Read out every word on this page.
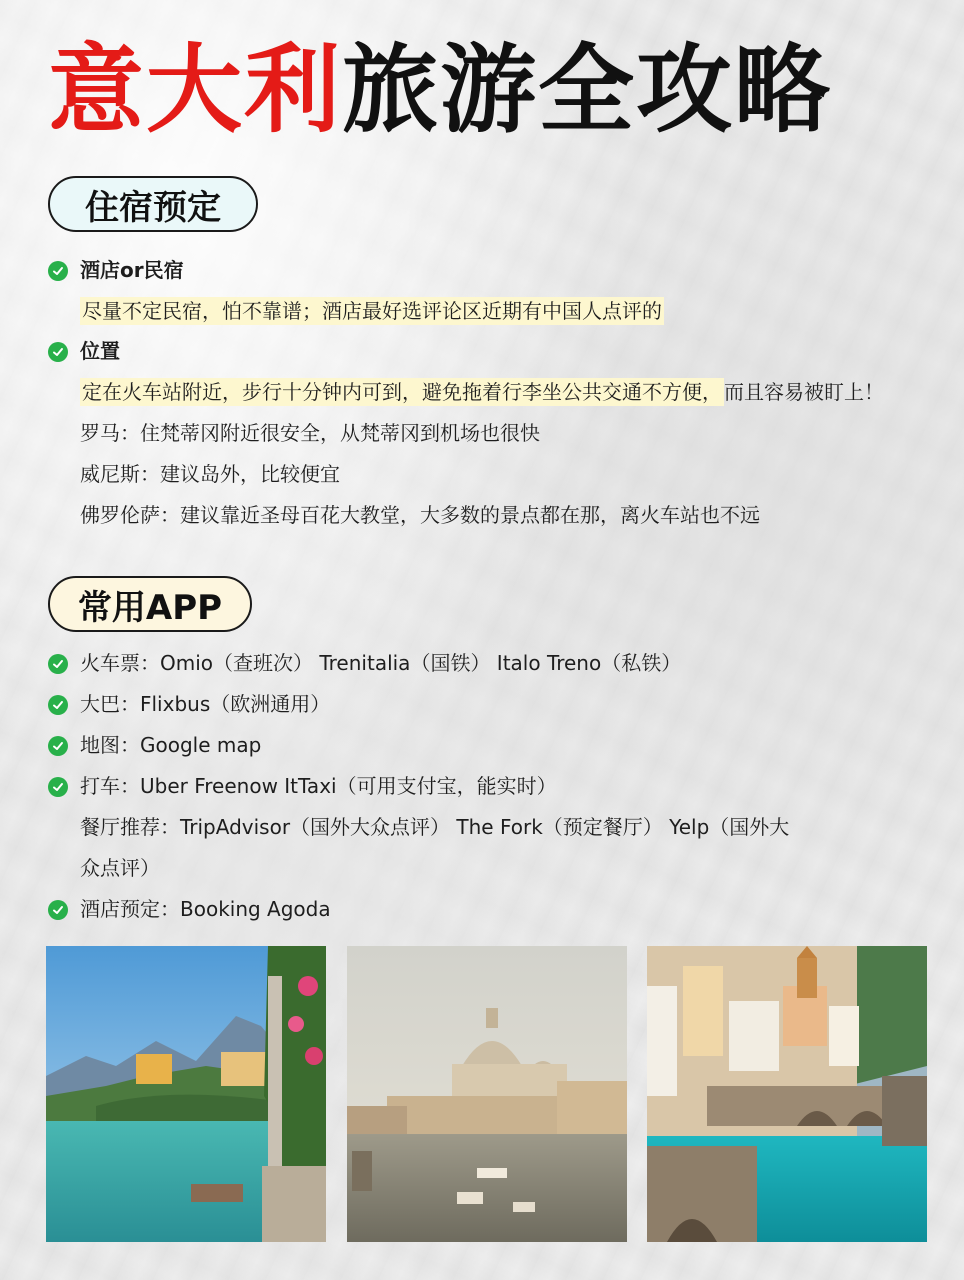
意大利旅游全攻略
住宿预定
酒店or民宿
尽量不定民宿，怕不靠谱；酒店最好选评论区近期有中国人点评的
位置
定在火车站附近，步行十分钟内可到，避免拖着行李坐公共交通不方便， 而且容易被盯上！
罗马：住梵蒂冈附近很安全，从梵蒂冈到机场也很快
威尼斯：建议岛外，比较便宜
佛罗伦萨：建议靠近圣母百花大教堂，大多数的景点都在那，离火车站也不远
常用APP
火车票：Omio（查班次） Trenitalia（国铁） Italo Treno（私铁）
大巴：Flixbus（欧洲通用）
地图：Google map
打车：Uber Freenow ItTaxi（可用支付宝，能实时）
餐厅推荐：TripAdvisor（国外大众点评） The Fork（预定餐厅） Yelp（国外大
众点评）
酒店预定：Booking Agoda
